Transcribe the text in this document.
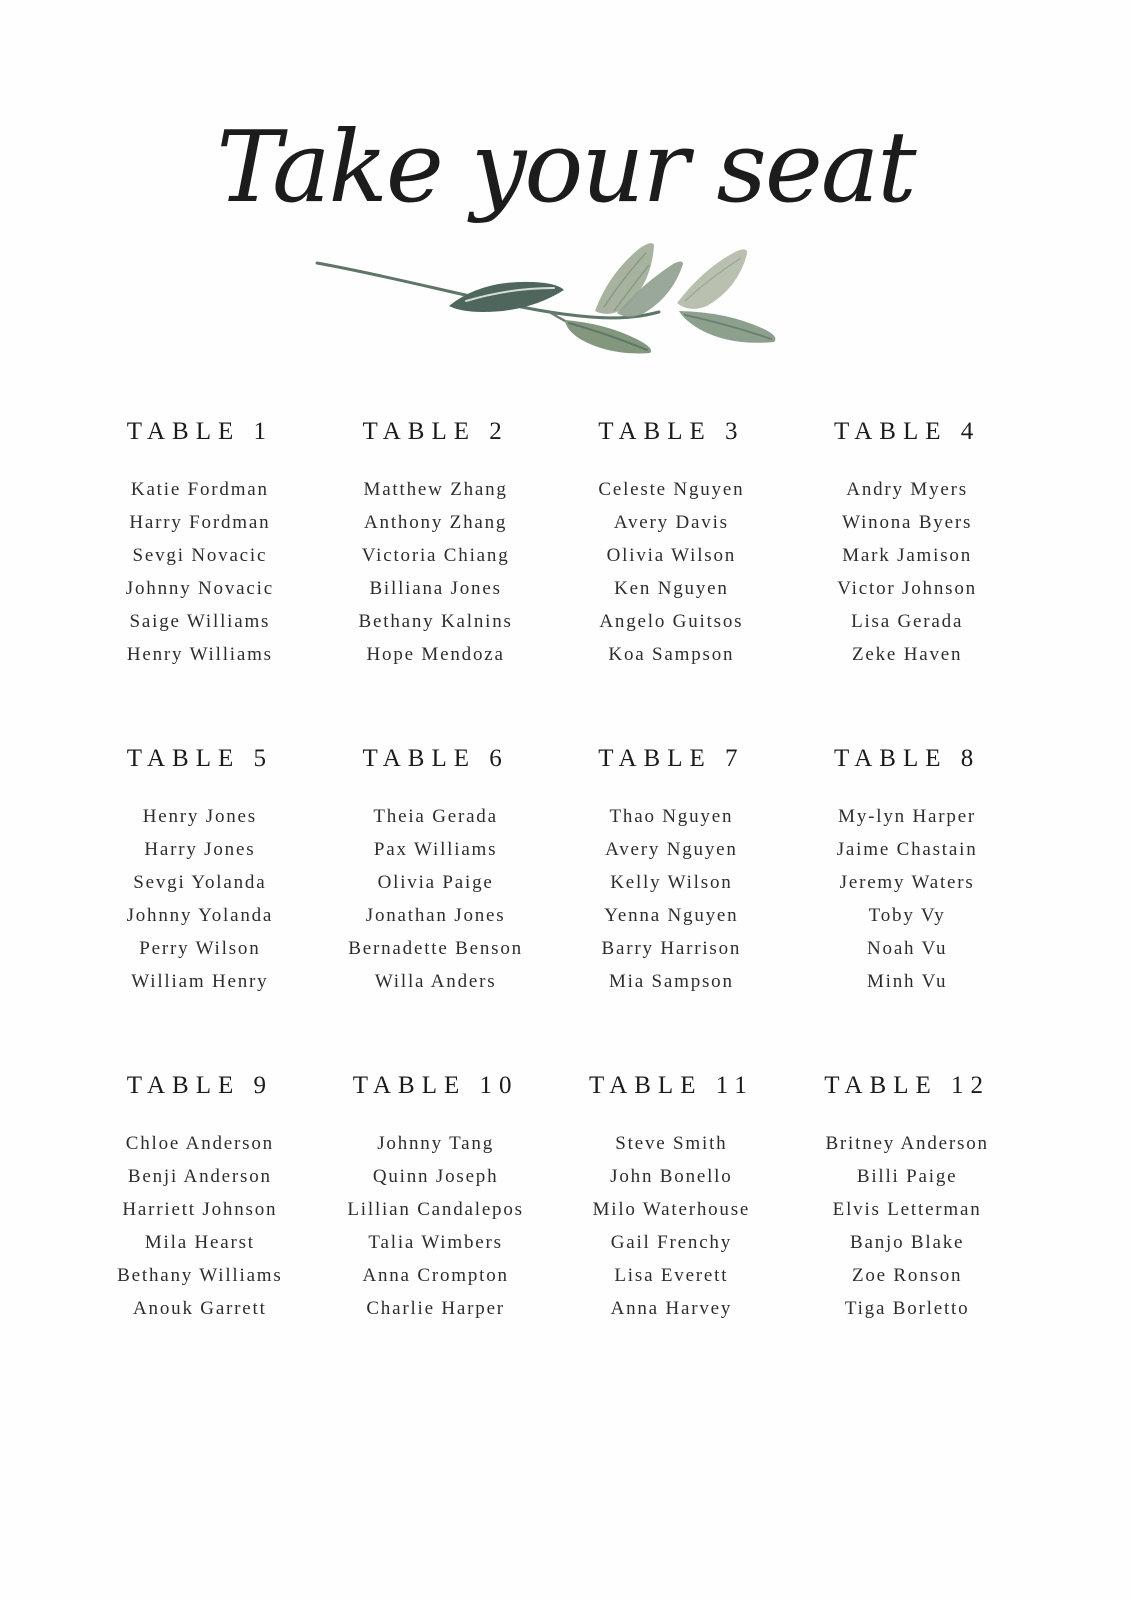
Take your seat
TABLE 1
Katie Fordman
Harry Fordman
Sevgi Novacic
Johnny Novacic
Saige Williams
Henry Williams
TABLE 2
Matthew Zhang
Anthony Zhang
Victoria Chiang
Billiana Jones
Bethany Kalnins
Hope Mendoza
TABLE 3
Celeste Nguyen
Avery Davis
Olivia Wilson
Ken Nguyen
Angelo Guitsos
Koa Sampson
TABLE 4
Andry Myers
Winona Byers
Mark Jamison
Victor Johnson
Lisa Gerada
Zeke Haven
TABLE 5
Henry Jones
Harry Jones
Sevgi Yolanda
Johnny Yolanda
Perry Wilson
William Henry
TABLE 6
Theia Gerada
Pax Williams
Olivia Paige
Jonathan Jones
Bernadette Benson
Willa Anders
TABLE 7
Thao Nguyen
Avery Nguyen
Kelly Wilson
Yenna Nguyen
Barry Harrison
Mia Sampson
TABLE 8
My-lyn Harper
Jaime Chastain
Jeremy Waters
Toby Vy
Noah Vu
Minh Vu
TABLE 9
Chloe Anderson
Benji Anderson
Harriett Johnson
Mila Hearst
Bethany Williams
Anouk Garrett
TABLE 10
Johnny Tang
Quinn Joseph
Lillian Candalepos
Talia Wimbers
Anna Crompton
Charlie Harper
TABLE 11
Steve Smith
John Bonello
Milo Waterhouse
Gail Frenchy
Lisa Everett
Anna Harvey
TABLE 12
Britney Anderson
Billi Paige
Elvis Letterman
Banjo Blake
Zoe Ronson
Tiga Borletto
